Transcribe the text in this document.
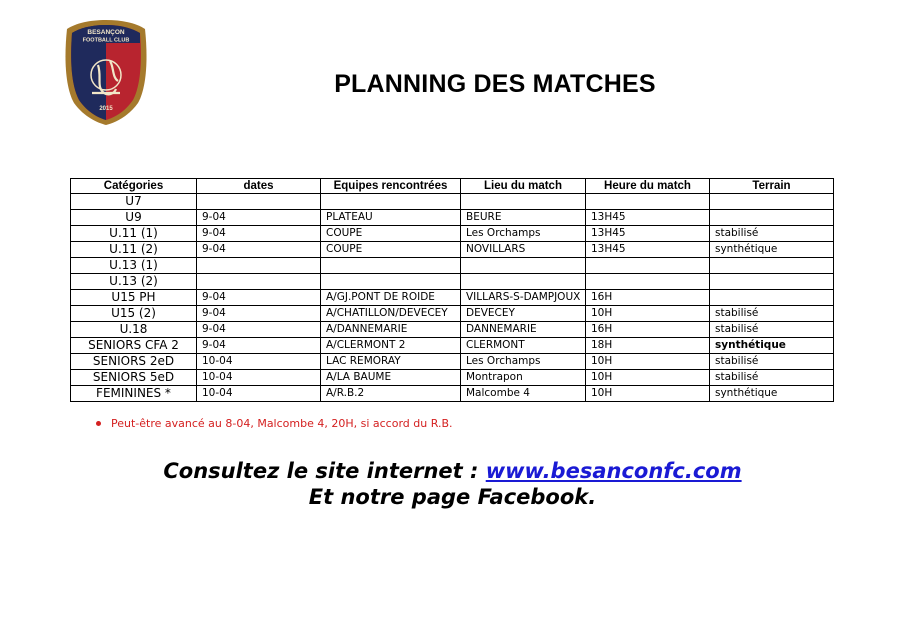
BESANÇON
FOOTBALL CLUB
2015
PLANNING DES MATCHES
Catégories	dates	Equipes rencontrées	Lieu du match	Heure du match	Terrain
U7					
U9	9-04	PLATEAU	BEURE	13H45	
U.11 (1)	9-04	COUPE	Les Orchamps	13H45	stabilisé
U.11 (2)	9-04	COUPE	NOVILLARS	13H45	synthétique
U.13 (1)					
U.13 (2)					
U15 PH	9-04	A/GJ.PONT DE ROIDE	VILLARS-S-DAMPJOUX	16H	
U15 (2)	9-04	A/CHATILLON/DEVECEY	DEVECEY	10H	stabilisé
U.18	9-04	A/DANNEMARIE	DANNEMARIE	16H	stabilisé
SENIORS CFA 2	9-04	A/CLERMONT 2	CLERMONT	18H	synthétique
SENIORS 2eD	10-04	LAC REMORAY	Les Orchamps	10H	stabilisé
SENIORS 5eD	10-04	A/LA BAUME	Montrapon	10H	stabilisé
FEMININES *	10-04	A/R.B.2	Malcombe 4	10H	synthétique
Peut-être avancé au 8-04, Malcombe 4, 20H, si accord du R.B.
Consultez le site internet : www.besanconfc.com
Et notre page Facebook.
